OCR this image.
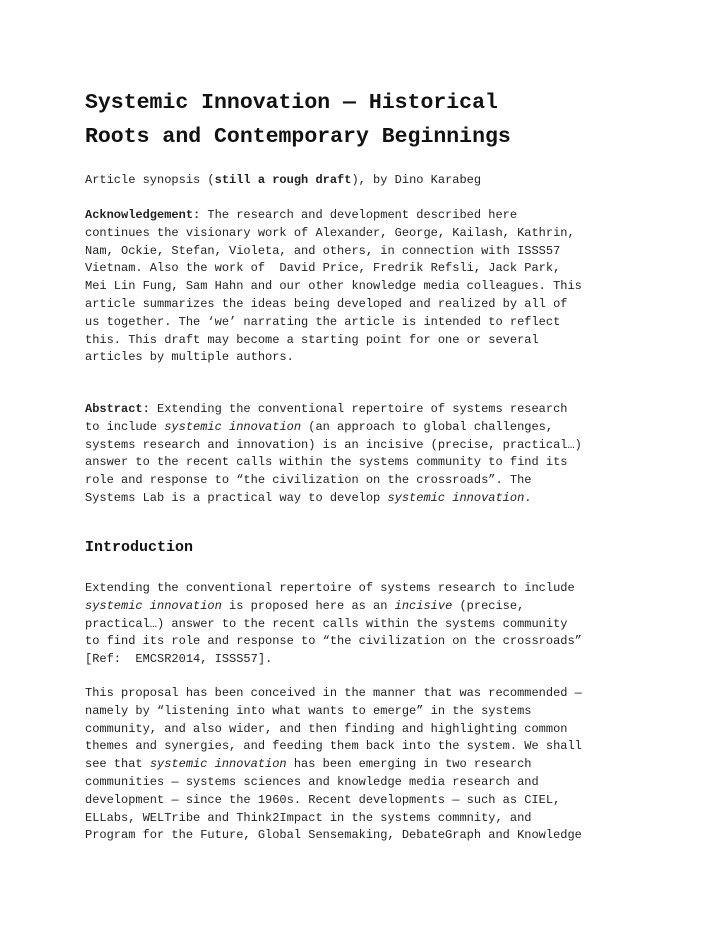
Systemic Innovation — Historical
Roots and Contemporary Beginnings

Article synopsis (still a rough draft), by Dino Karabeg

Acknowledgement: The research and development described here
continues the visionary work of Alexander, George, Kailash, Kathrin,
Nam, Ockie, Stefan, Violeta, and others, in connection with ISSS57
Vietnam. Also the work of  David Price, Fredrik Refsli, Jack Park,
Mei Lin Fung, Sam Hahn and our other knowledge media colleagues. This
article summarizes the ideas being developed and realized by all of
us together. The ‘we’ narrating the article is intended to reflect
this. This draft may become a starting point for one or several
articles by multiple authors.
Abstract: Extending the conventional repertoire of systems research
to include systemic innovation (an approach to global challenges,
systems research and innovation) is an incisive (precise, practical…)
answer to the recent calls within the systems community to find its
role and response to “the civilization on the crossroads”. The
Systems Lab is a practical way to develop systemic innovation.
Introduction
Extending the conventional repertoire of systems research to include
systemic innovation is proposed here as an incisive (precise,
practical…) answer to the recent calls within the systems community
to find its role and response to “the civilization on the crossroads”
[Ref:  EMCSR2014, ISSS57].
This proposal has been conceived in the manner that was recommended —
namely by “listening into what wants to emerge” in the systems
community, and also wider, and then finding and highlighting common
themes and synergies, and feeding them back into the system. We shall
see that systemic innovation has been emerging in two research
communities — systems sciences and knowledge media research and
development — since the 1960s. Recent developments — such as CIEL,
ELLabs, WELTribe and Think2Impact in the systems commnity, and
Program for the Future, Global Sensemaking, DebateGraph and Knowledge
